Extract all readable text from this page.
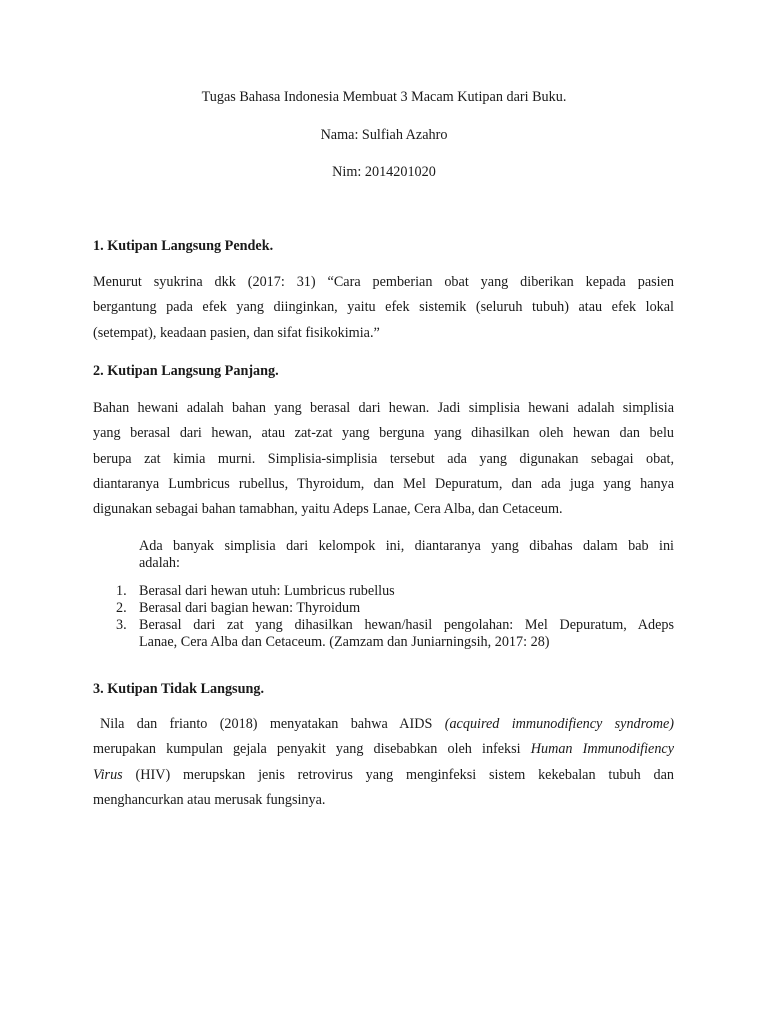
Tugas Bahasa Indonesia Membuat 3 Macam Kutipan dari Buku.
Nama: Sulfiah Azahro
Nim: 2014201020
1. Kutipan Langsung Pendek.
Menurut syukrina dkk (2017: 31) “Cara pemberian obat yang diberikan kepada pasien
bergantung pada efek yang diinginkan, yaitu efek sistemik (seluruh tubuh) atau efek lokal
(setempat), keadaan pasien, dan sifat fisikokimia.”
2. Kutipan Langsung Panjang.
Bahan hewani adalah bahan yang berasal dari hewan. Jadi simplisia hewani adalah simplisia
yang berasal dari hewan, atau zat-zat yang berguna yang dihasilkan oleh hewan dan belu
berupa zat kimia murni. Simplisia-simplisia tersebut ada yang digunakan sebagai obat,
diantaranya Lumbricus rubellus, Thyroidum, dan Mel Depuratum, dan ada juga yang hanya
digunakan sebagai bahan tamabhan, yaitu Adeps Lanae, Cera Alba, dan Cetaceum.
Ada banyak simplisia dari kelompok ini, diantaranya yang dibahas dalam bab ini
adalah:
1. Berasal dari hewan utuh: Lumbricus rubellus
2. Berasal dari bagian hewan: Thyroidum
3. Berasal dari zat yang dihasilkan hewan/hasil pengolahan: Mel Depuratum, Adeps
Lanae, Cera Alba dan Cetaceum. (Zamzam dan Juniarningsih, 2017: 28)
3. Kutipan Tidak Langsung.
Nila dan frianto (2018) menyatakan bahwa AIDS (acquired immunodifiency syndrome)
merupakan kumpulan gejala penyakit yang disebabkan oleh infeksi Human Immunodifiency
Virus (HIV) merupskan jenis retrovirus yang menginfeksi sistem kekebalan tubuh dan
menghancurkan atau merusak fungsinya.
